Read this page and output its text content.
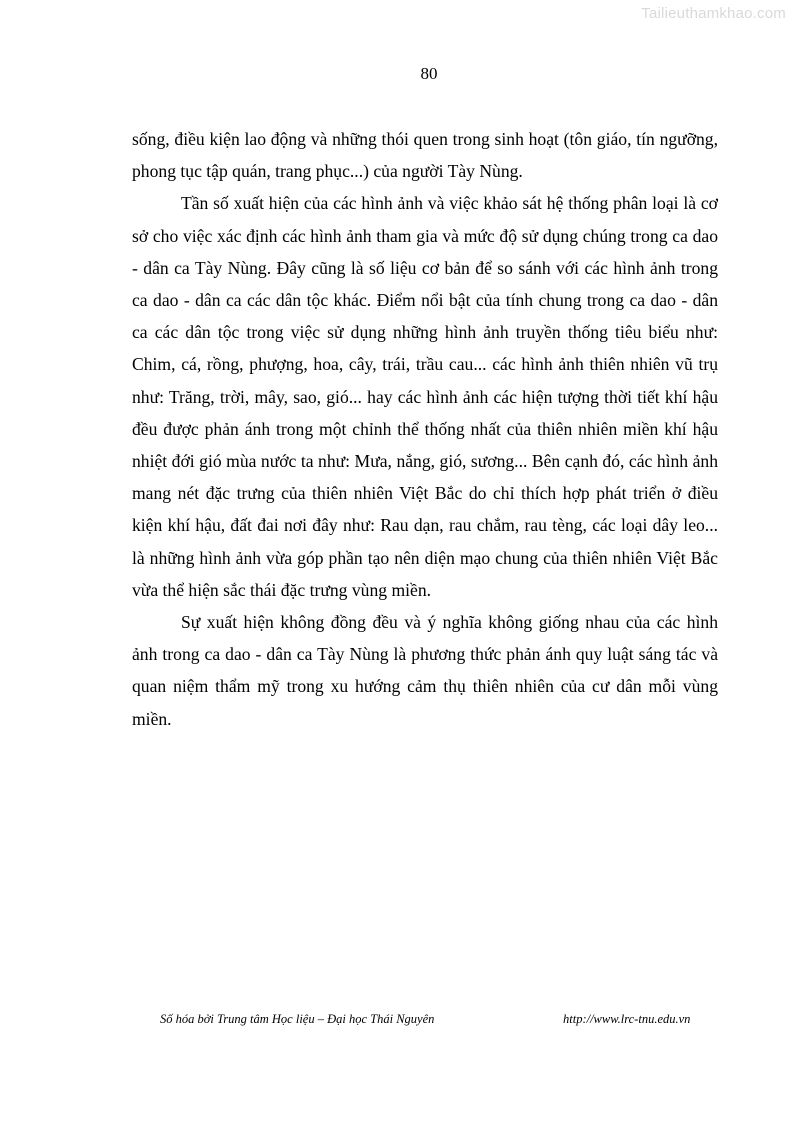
Tailieuthamkhao.com
80

sống, điều kiện lao động và những thói quen trong sinh hoạt (tôn giáo, tín ngưỡng, phong tục tập quán, trang phục...) của người Tày Nùng.

Tần số xuất hiện của các hình ảnh và việc khảo sát hệ thống phân loại là cơ sở cho việc xác định các hình ảnh tham gia và mức độ sử dụng chúng trong ca dao - dân ca Tày Nùng. Đây cũng là số liệu cơ bản để so sánh với các hình ảnh trong ca dao - dân ca các dân tộc khác. Điểm nổi bật của tính chung trong ca dao - dân ca các dân tộc trong việc sử dụng những hình ảnh truyền thống tiêu biểu như: Chim, cá, rồng, phượng, hoa, cây, trái, trầu cau... các hình ảnh thiên nhiên vũ trụ như: Trăng, trời, mây, sao, gió... hay các hình ảnh các hiện tượng thời tiết khí hậu đều được phản ánh trong một chỉnh thể thống nhất của thiên nhiên miền khí hậu nhiệt đới gió mùa nước ta như: Mưa, nắng, gió, sương... Bên cạnh đó, các hình ảnh mang nét đặc trưng của thiên nhiên Việt Bắc do chỉ thích hợp phát triển ở điều kiện khí hậu, đất đai nơi đây như: Rau dạn, rau chắm, rau tèng, các loại dây leo... là những hình ảnh vừa góp phần tạo nên diện mạo chung của thiên nhiên Việt Bắc vừa thể hiện sắc thái đặc trưng vùng miền.

Sự xuất hiện không đồng đều và ý nghĩa không giống nhau của các hình ảnh trong ca dao - dân ca Tày Nùng là phương thức phản ánh quy luật sáng tác và quan niệm thẩm mỹ trong xu hướng cảm thụ thiên nhiên của cư dân mỗi vùng miền.

Số hóa bởi Trung tâm Học liệu – Đại học Thái Nguyên	http://www.lrc-tnu.edu.vn
